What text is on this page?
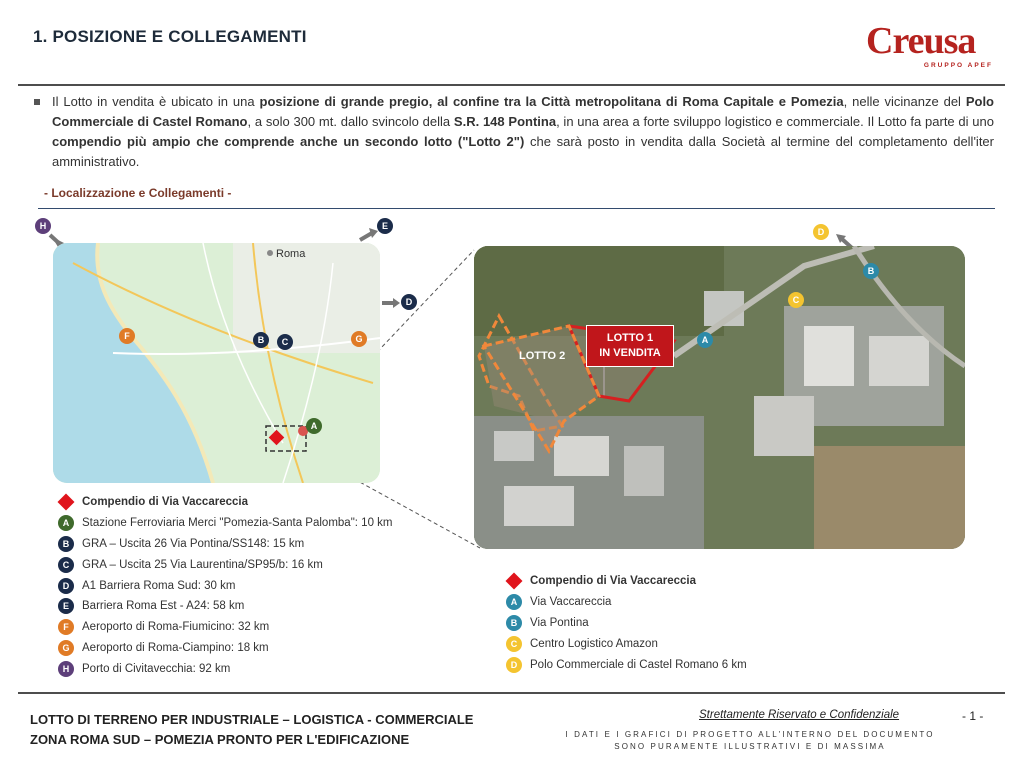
1. POSIZIONE E COLLEGAMENTI	Creusa
GRUPPO APEF
Il Lotto in vendita è ubicato in una posizione di grande pregio, al confine tra la Città metropolitana di Roma Capitale e Pomezia, nelle vicinanze del Polo Commerciale di Castel Romano, a solo 300 mt. dallo svincolo della S.R. 148 Pontina, in una area a forte sviluppo logistico e commerciale. Il Lotto fa parte di uno compendio più ampio che comprende anche un secondo lotto ("Lotto 2") che sarà posto in vendita dalla Società al termine del completamento dell'iter amministrativo.
- Localizzazione e Collegamenti -
Roma
H	E
D
F	B	C	G
A
LOTTO 1
IN VENDITA
LOTTO 2
D
B
C
A
Compendio di Via Vaccareccia
A	Stazione Ferroviaria Merci "Pomezia-Santa Palomba": 10 km
B	GRA – Uscita 26 Via Pontina/SS148: 15 km
C	GRA – Uscita 25 Via Laurentina/SP95/b: 16 km
D	A1 Barriera Roma Sud: 30 km
E	Barriera Roma Est - A24: 58 km
F	Aeroporto di Roma-Fiumicino: 32 km
G	Aeroporto di Roma-Ciampino: 18 km
H	Porto di Civitavecchia: 92 km
Compendio di Via Vaccareccia
A	Via Vaccareccia
B	Via Pontina
C	Centro Logistico Amazon
D	Polo Commerciale di Castel Romano 6 km
LOTTO DI TERRENO PER INDUSTRIALE – LOGISTICA - COMMERCIALE
ZONA ROMA SUD – POMEZIA PRONTO PER L'EDIFICAZIONE
Strettamente Riservato e Confidenziale	- 1 -
I DATI E I GRAFICI DI PROGETTO ALL'INTERNO DEL DOCUMENTO
SONO PURAMENTE ILLUSTRATIVI E DI MASSIMA
